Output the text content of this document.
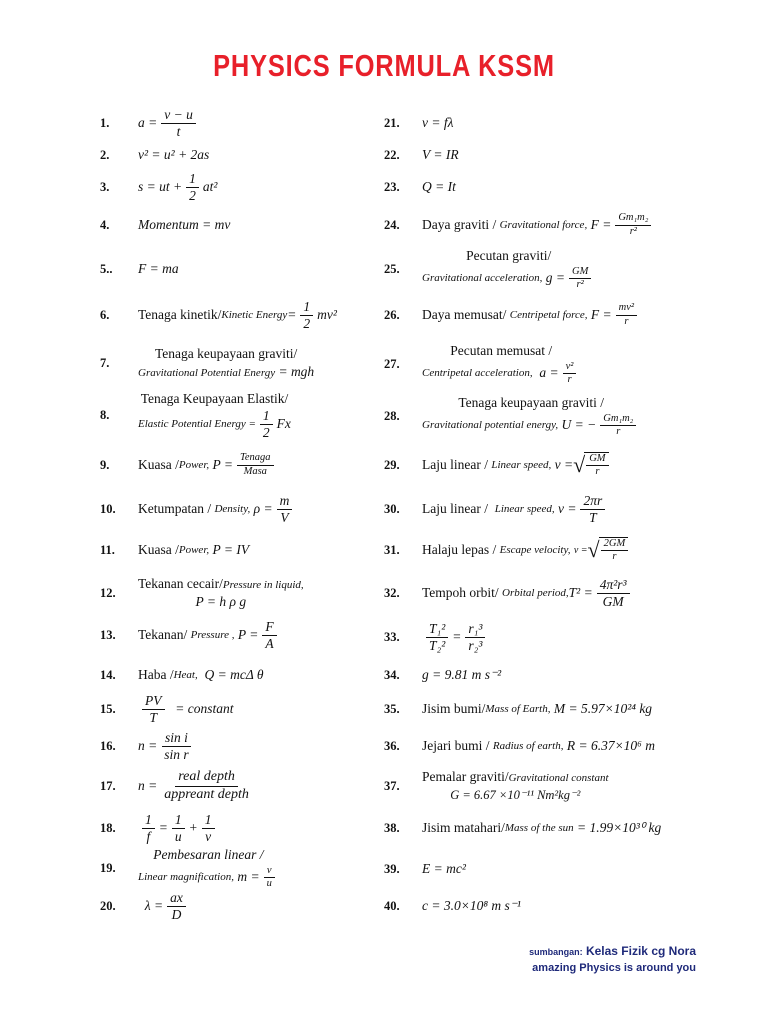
PHYSICS FORMULA KSSM
1.	$a = \frac{v - u}{t}$
2.	v² = u² + 2as
3.	s = ut + $\frac{1}{2} at^2$
4.	Momentum = mv
5..	F = ma
6.	Tenaga kinetik/ Kinetic Energy = $\frac{1}{2} mv^2$
7.
Tenaga keupayaan graviti/
Gravitational Potential Energy = mgh
8.
Tenaga Keupayaan Elastik/
Elastic Potential Energy = $\frac{1}{2}$ Fx
9.	Kuasa / Power,
$P = \frac{\text{Tenaga}}{\text{Masa}}$
10.	Ketumpatan /
Density,
$\rho = \frac{m}{V}$
11.	Kuasa / Power,
P = IV
12.
Tekanan cecair/Pressure in liquid,
P = h ρ g
13.	Tekanan/
Pressure ,
$P = \frac{F}{A}$
14.	Haba / Heat,
Q = mcΔ θ
15.	$\frac{PV}{T}$
= constant
16.	$n = \frac{\text{sin i}}{\text{sin r}}$
17.	$n = \frac{\text{real depth}}{\text{appreant depth}}$
18.	$\frac{1}{f} = \frac{1}{u} + \frac{1}{v}$
19.
Pembesaran linear /
Linear magnification,
$m = \frac{v}{u}$
20.
	$\lambda = \frac{ax}{D}$
21.	v = fλ
22.	V = IR
23.	Q = It
24.	Daya graviti /
Gravitational force,
$F = \frac{\text{Gm₁m₂}}{\text{r²}}$
25.
Pecutan graviti/
Gravitational acceleration,
$g = \frac{GM}{\text{r²}}$
26.	Daya memusat/
Centripetal force,
$F = \frac{\text{mv²}}{r}$
27.
Pecutan memusat /
Centripetal acceleration,
$a = \frac{\text{v²}}{r}$
28.
Tenaga keupayaan graviti /
Gravitational potential energy,
U = − $\frac{\text{Gm₁m₂}}{r}$
29.	Laju linear /
Linear speed,
v = √ $\frac{GM}{r}$
30.	Laju linear /
Linear speed,
$v = \frac{2\pi r}{T}$
31.	Halaju lepas /
Escape velocity,
v = √ $\frac{2GM}{r}$
32.	Tempoh orbit/
Orbital period, $T^2 = \frac{\text{4π²r³}}{GM}$
33.	$\frac{\text{T₁²}}{\text{T₂²}} = \frac{\text{r₁³}}{\text{r₂³}}$
34.	g = 9.81 m s⁻²
35.	Jisim bumi/ Mass of Earth,
M = 5.97×10²⁴ kg
36.	Jejari bumi /
Radius of earth,
R = 6.37×10⁶ m
37.
Pemalar graviti/Gravitational constant
G = 6.67 ×10⁻¹¹ Nm²kg⁻²
38.	Jisim matahari/ Mass of the sun
= 1.99×10³⁰ kg
39.	E = mc²
40.	c = 3.0×10⁸ m s⁻¹
sumbangan: Kelas Fizik cg Nora
amazing Physics is around you
